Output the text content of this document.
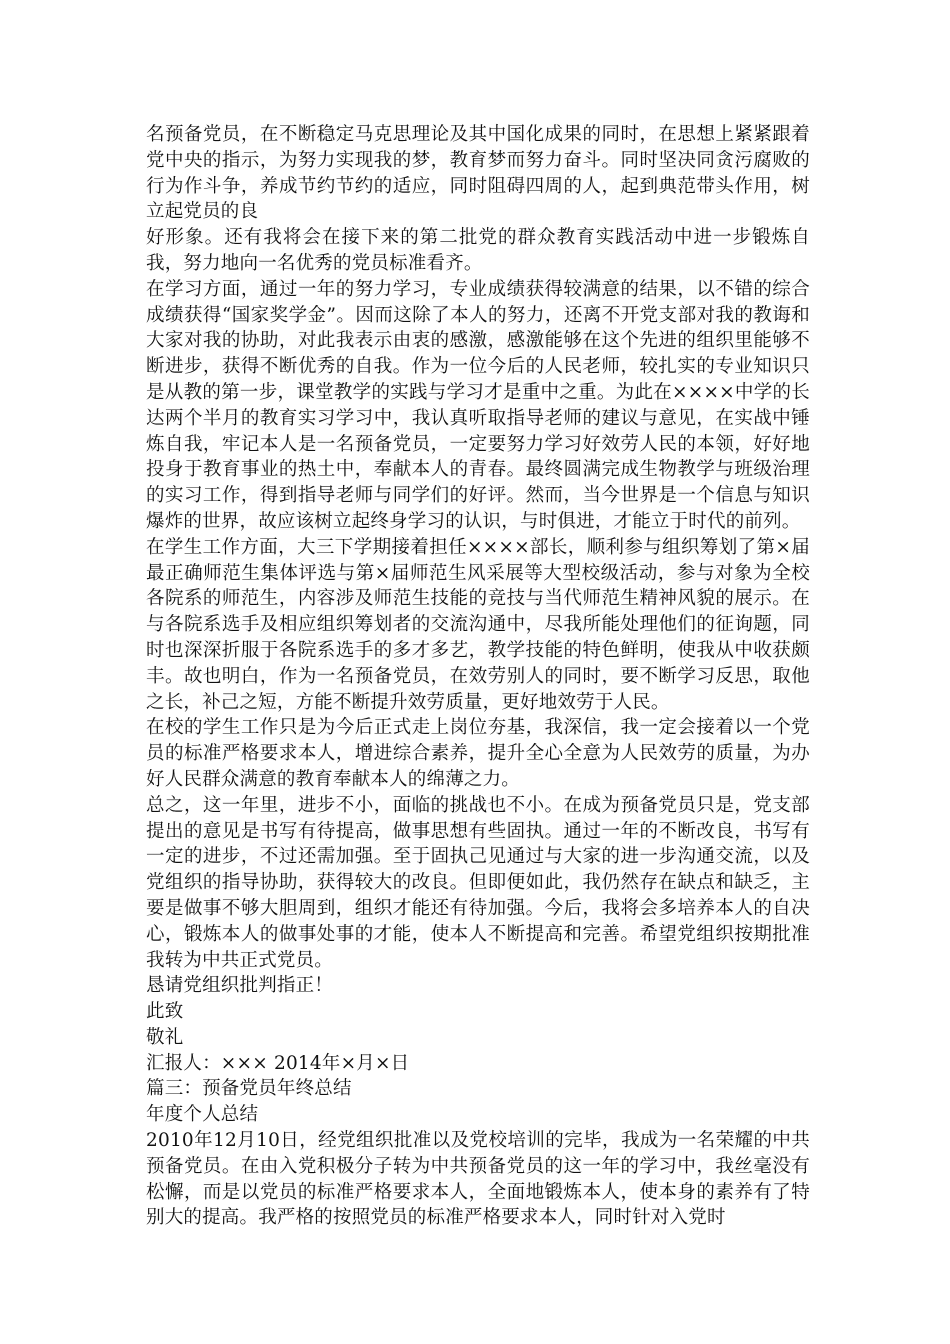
名预备党员，在不断稳定马克思理论及其中国化成果的同时，在思想上紧紧跟着党中央的指示，为努力实现我的梦，教育梦而努力奋斗。同时坚决同贪污腐败的行为作斗争，养成节约节约的适应，同时阻碍四周的人，起到典范带头作用，树立起党员的良

好形象。还有我将会在接下来的第二批党的群众教育实践活动中进一步锻炼自我，努力地向一名优秀的党员标准看齐。

在学习方面，通过一年的努力学习，专业成绩获得较满意的结果，以不错的综合成绩获得“国家奖学金”。因而这除了本人的努力，还离不开党支部对我的教诲和大家对我的协助，对此我表示由衷的感激，感激能够在这个先进的组织里能够不断进步，获得不断优秀的自我。作为一位今后的人民老师，较扎实的专业知识只是从教的第一步，课堂教学的实践与学习才是重中之重。为此在××××中学的长达两个半月的教育实习学习中，我认真听取指导老师的建议与意见，在实战中锤炼自我，牢记本人是一名预备党员，一定要努力学习好效劳人民的本领，好好地投身于教育事业的热土中，奉献本人的青春。最终圆满完成生物教学与班级治理的实习工作，得到指导老师与同学们的好评。然而，当今世界是一个信息与知识爆炸的世界，故应该树立起终身学习的认识，与时俱进，才能立于时代的前列。

在学生工作方面，大三下学期接着担任××××部长，顺利参与组织筹划了第×届最正确师范生集体评选与第×届师范生风采展等大型校级活动，参与对象为全校各院系的师范生，内容涉及师范生技能的竞技与当代师范生精神风貌的展示。在与各院系选手及相应组织筹划者的交流沟通中，尽我所能处理他们的征询题，同时也深深折服于各院系选手的多才多艺，教学技能的特色鲜明，使我从中收获颇丰。故也明白，作为一名预备党员，在效劳别人的同时，要不断学习反思，取他之长，补己之短，方能不断提升效劳质量，更好地效劳于人民。

在校的学生工作只是为今后正式走上岗位夯基，我深信，我一定会接着以一个党员的标准严格要求本人，增进综合素养，提升全心全意为人民效劳的质量，为办好人民群众满意的教育奉献本人的绵薄之力。

总之，这一年里，进步不小，面临的挑战也不小。在成为预备党员只是，党支部提出的意见是书写有待提高，做事思想有些固执。通过一年的不断改良，书写有一定的进步，不过还需加强。至于固执己见通过与大家的进一步沟通交流，以及党组织的指导协助，获得较大的改良。但即便如此，我仍然存在缺点和缺乏，主要是做事不够大胆周到，组织才能还有待加强。今后，我将会多培养本人的自决心，锻炼本人的做事处事的才能，使本人不断提高和完善。希望党组织按期批准我转为中共正式党员。

恳请党组织批判指正！

此致

敬礼

汇报人：××× 2014年×月×日

篇三：预备党员年终总结

年度个人总结

2010年12月10日，经党组织批准以及党校培训的完毕，我成为一名荣耀的中共预备党员。在由入党积极分子转为中共预备党员的这一年的学习中，我丝毫没有松懈，而是以党员的标准严格要求本人，全面地锻炼本人，使本身的素养有了特别大的提高。我严格的按照党员的标准严格要求本人，同时针对入党时
